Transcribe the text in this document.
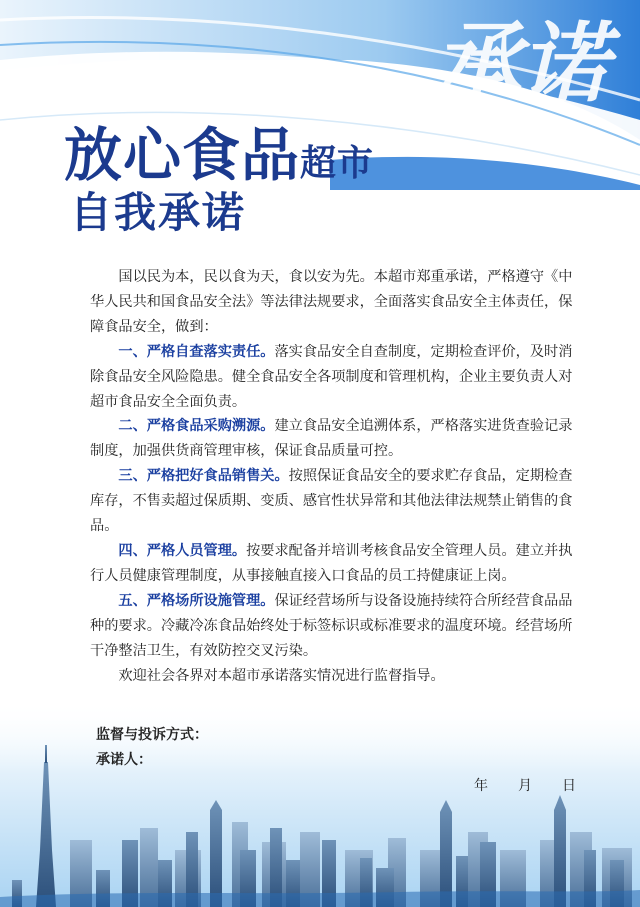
承诺
放心食品超市
自我承诺

国以民为本，民以食为天，食以安为先。本超市郑重承诺，严格遵守《中华人民共和国食品安全法》等法律法规要求，全面落实食品安全主体责任，保障食品安全，做到：

一、严格自查落实责任。落实食品安全自查制度，定期检查评价，及时消除食品安全风险隐患。健全食品安全各项制度和管理机构，企业主要负责人对超市食品安全全面负责。

二、严格食品采购溯源。建立食品安全追溯体系，严格落实进货查验记录制度，加强供货商管理审核，保证食品质量可控。

三、严格把好食品销售关。按照保证食品安全的要求贮存食品，定期检查库存，不售卖超过保质期、变质、感官性状异常和其他法律法规禁止销售的食品。

四、严格人员管理。按要求配备并培训考核食品安全管理人员。建立并执行人员健康管理制度，从事接触直接入口食品的员工持健康证上岗。

五、严格场所设施管理。保证经营场所与设备设施持续符合所经营食品品种的要求。冷藏冷冻食品始终处于标签标识或标准要求的温度环境。经营场所干净整洁卫生，有效防控交叉污染。

欢迎社会各界对本超市承诺落实情况进行监督指导。

监督与投诉方式：
承诺人：
年 月 日
